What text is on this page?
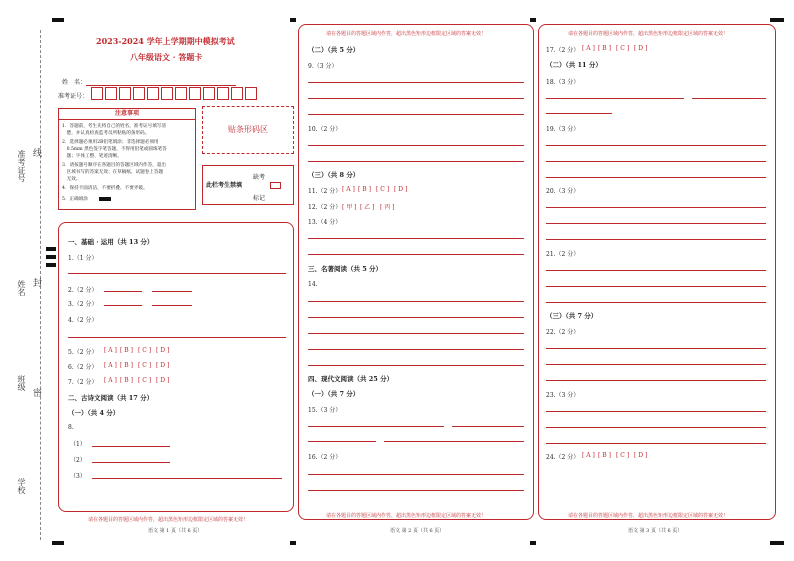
准考证号 线
姓名 封
班级
密
学校
2023-2024 学年上学期期中模拟考试
八年级语文 · 答题卡
姓　名：
准考证号：
注意事项
1．答题前，考生先将自己的姓名，准考证号填写清
　楚，并认真检查监考员所粘贴的条形码。
2．选择题必须用2B铅笔填涂；非选择题必须用
　0.5mm 黑色签字笔答题，不得用铅笔或圆珠笔答
　题；字体工整、笔迹清晰。
3．请按题号顺序在各题目的答题区域内作答，超出
　区域书写的答案无效；在草稿纸、试题卷上答题
　无效。
4．保持卡面清洁，不要折叠、不要弄破。
5．正确填涂
贴条形码区
此栏考生禁填
缺考
标记
一、基础 · 运用（共 13 分）
1.（1 分）
2.（2 分）
3.（2 分）
4.（2 分）
5.（2 分） [ A ] [ B ] [ C ] [ D ]
6.（2 分） [ A ] [ B ] [ C ] [ D ]
7.（2 分） [ A ] [ B ] [ C ] [ D ]
二、古诗文阅读（共 17 分）
（一）（共 4 分）
8.
（1）
（2）
（3）
请在各题目的答题区域内作答，超出黑色矩形边框限定区域的答案无效！
语文 第 1 页（共 6 页）
请在各题目的答题区域内作答，超出黑色矩形边框限定区域的答案无效！
（二）（共 5 分）
9.（3 分）
10.（2 分）
（三）（共 8 分）
11.（2 分） [ A ] [ B ] [ C ] [ D ]
12.（2 分） [ 甲 ] [ 乙 ] [ 丙 ]
13.（4 分）
三、名著阅读（共 5 分）
14.
四、现代文阅读（共 25 分）
（一）（共 7 分）
15.（3 分）
16.（2 分）
请在各题目的答题区域内作答，超出黑色矩形边框限定区域的答案无效！
语文 第 2 页（共 6 页）
请在各题目的答题区域内作答，超出黑色矩形边框限定区域的答案无效！
17.（2 分） [ A ] [ B ] [ C ] [ D ]
（二）（共 11 分）
18.（3 分）
19.（3 分）
20.（3 分）
21.（2 分）
（三）（共 7 分）
22.（2 分）
23.（3 分）
24.（2 分） [ A ] [ B ] [ C ] [ D ]
请在各题目的答题区域内作答，超出黑色矩形边框限定区域的答案无效！
语文 第 3 页（共 6 页）
